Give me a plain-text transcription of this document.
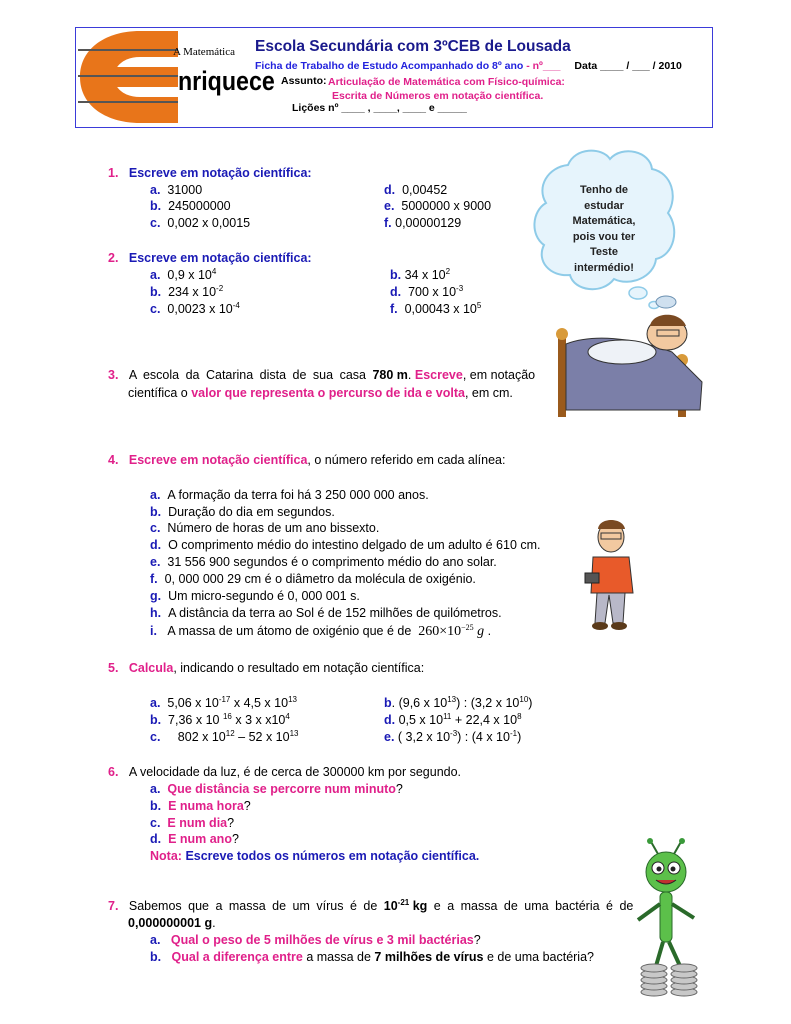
A Matemática
nriquece
Escola Secundária com 3ºCEB de Lousada
Ficha de Trabalho de Estudo Acompanhado do 8º ano - nº___ Data ____ / ___ / 2010
Assunto: Articulação de Matemática com Físico-química:
Escrita de Números em notação científica.
Lições nº ____ , ____, ____ e _____
Tenho de
estudar
Matemática,
pois vou ter
Teste
intermédio!
1. Escreve em notação científica:
a. 31000
b. 245000000
c. 0,002 x 0,0015
d. 0,00452
e. 5000000 x 9000
f. 0,00000129
2. Escreve em notação científica:
a. 0,9 x $10^4$
b. 234 x $10^{-2}$
c. 0,0023 x $10^{-4}$
b. 34 x $10^2$
d. 700 x $10^{-3}$
f. 0,00043 x $10^5$
3. A escola da Catarina dista de sua casa 780 m. Escreve, em notação
científica o valor que representa o percurso de ida e volta, em cm.
4. Escreve em notação científica, o número referido em cada alínea:
a. A formação da terra foi há 3 250 000 000 anos.
b. Duração do dia em segundos.
c. Número de horas de um ano bissexto.
d. O comprimento médio do intestino delgado de um adulto é 610 cm.
e. 31 556 900 segundos é o comprimento médio do ano solar.
f. 0, 000 000 29 cm é o diâmetro da molécula de oxigénio.
g. Um micro-segundo é 0, 000 001 s.
h. A distância da terra ao Sol é de 152 milhões de quilómetros.
i. A massa de um átomo de oxigénio que é de $260\times 10^{-25}$ g .
5. Calcula, indicando o resultado em notação científica:
a.  5,06 x $10^{-17}$ x 4,5 x $10^{13}$
b.  7,36 x 10 $^{16}$ x 3 x $x10^4$
c.     802 x $10^{12} - 52$ x $10^{13}$
b. (9,6 x $10^{13}$) : (3,2 x $10^{10}$)
d. 0,5 x $10^{11} + 22,4$ x $10^8$
e. ( 3,2 x $10^{-3}$) : (4 x $10^{-1}$)
6. A velocidade da luz, é de cerca de 300000 km por segundo.
a. Que distância se percorre num minuto?
b. E numa hora?
c. E num dia?
d. E num ano?
Nota: Escreve todos os números em notação científica.
7. Sabemos que a massa de um vírus é de $10^{-21}$ kg e a massa de uma bactéria é de
0,000000001 g.
a. Qual o peso de 5 milhões de vírus e 3 mil bactérias?
b. Qual a diferença entre a massa de 7 milhões de vírus e de uma bactéria?
